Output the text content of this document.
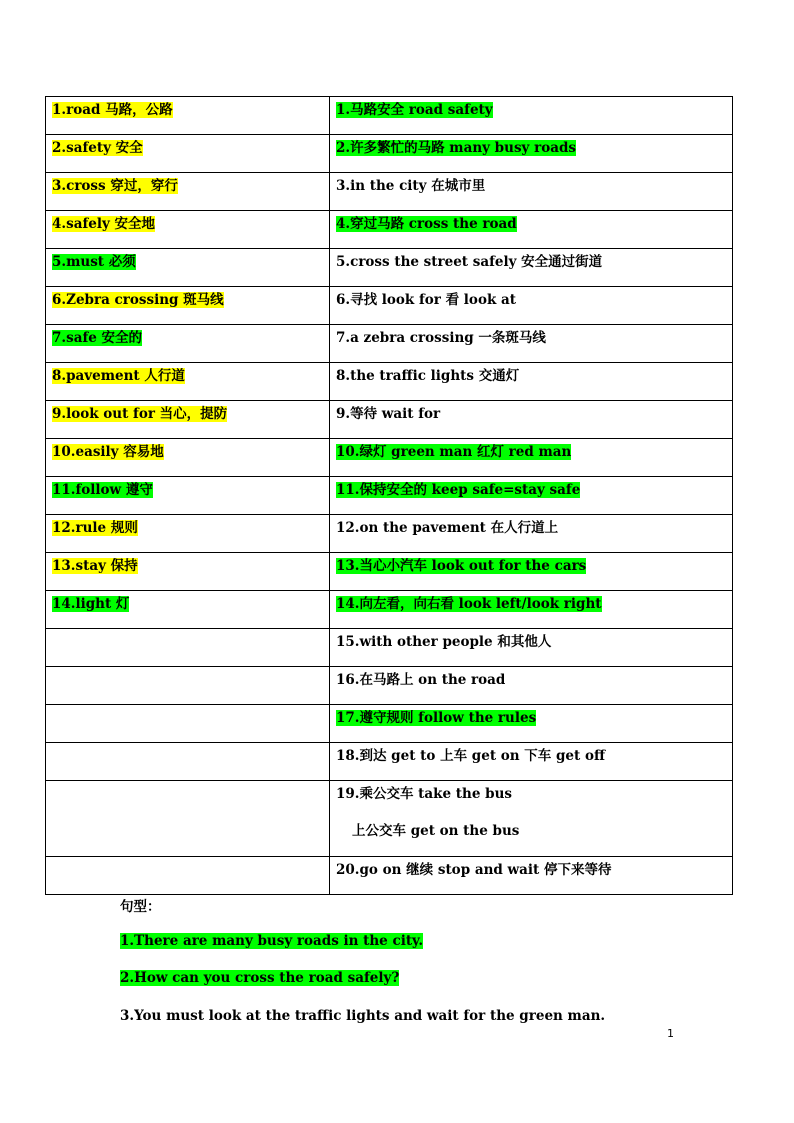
1.road 马路，公路	1.马路安全 road safety

2.safety 安全	2.许多繁忙的马路 many busy roads

3.cross 穿过，穿行	3.in the city 在城市里

4.safely 安全地	4.穿过马路 cross the road

5.must 必须	5.cross the street safely 安全通过街道

6.Zebra crossing 斑马线	6.寻找 look for 看 look at

7.safe 安全的	7.a zebra crossing 一条斑马线

8.pavement 人行道	8.the traffic lights 交通灯

9.look out for 当心，提防	9.等待 wait for

10.easily 容易地	10.绿灯 green man 红灯 red man

11.follow 遵守	11.保持安全的 keep safe=stay safe

12.rule 规则	12.on the pavement 在人行道上

13.stay 保持	13.当心小汽车 look out for the cars

14.light 灯	14.向左看，向右看 look left/look right

	15.with other people 和其他人

	16.在马路上 on the road

	17.遵守规则 follow the rules

	18.到达 get to 上车 get on 下车 get off

	19.乘公交车 take the bus
上公交车 get on the bus

	20.go on 继续 stop and wait 停下来等待
句型：
1.There are many busy roads in the city.
2.How can you cross the road safely?
3.You must look at the traffic lights and wait for the green man.
1
